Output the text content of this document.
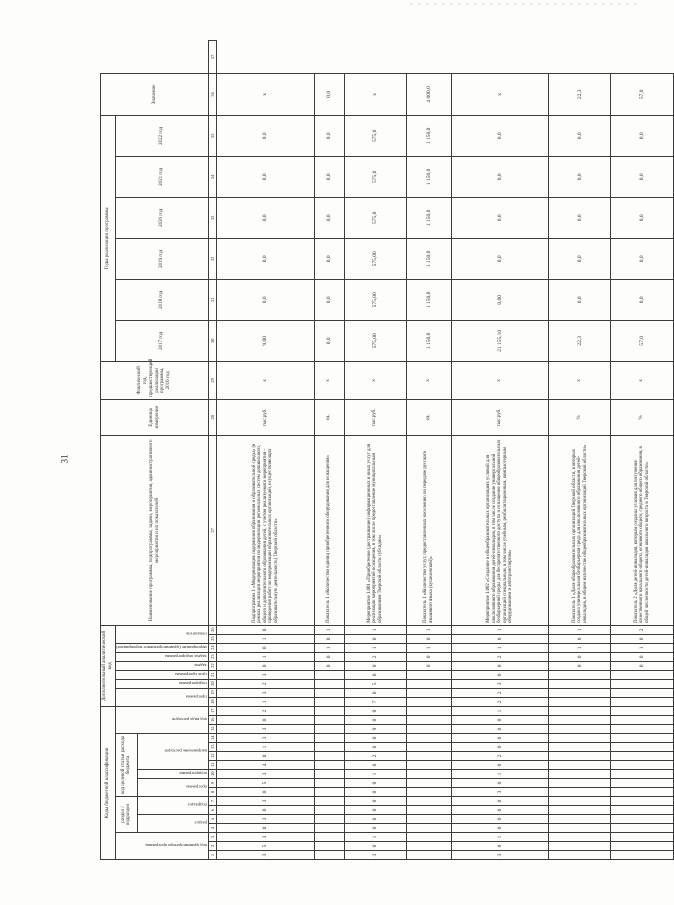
31
Коды бюджетной классификации																	Дополнительный аналитический код									Наименование программы, подпрограммы, задачи, мероприятия, административного мероприятия и их показателей	Единица измерения	Фактический год, предшествующий реализации программы, 2016 год	Годы реализации программы						Значение	
код администратора программы			раздел / подраздел				код целевой статьи расхода бюджета							код вида расходов			программа		подпрограмма	цель программы	задача	задача подпрограммы	мероприятие (административное мероприятие)	показатель					2017 год	2018 год	2019 год	2020 год	2021 год	2022 год		
			раздел		подраздел		программа		подпрограмма	направление расходов																										
1	2	3	4	5	6	7	8	9	10	11	12	13	14	15	16	17	18	19	20	21	22	23	24	25	26	27	28	29	30	31	32	33	34	35	36	37
3	5	3	0	3	0	3	0	5	3	4	0	1	3	3	0	2	1	3	2	3	0	1	0	1	0	Подпрограмма 1 «Модернизация содержания образования и образовательной среды» (в рамках реализации мероприятия по модернизации региональных систем дошкольного, общего и дополнительного образования детей, с учетом реализуемого мероприятия – проведения работ по модернизации образовательных организаций, осуществляющих образовательную деятельность) Тверской области»	тыс.руб.	х	9,00	0,0	0,0	0,0	0,0	0,0	х	
																					0	0	1	0	1	Показатель 1 «Количество единиц приобретенного оборудования для оснащения»	ед.	х	0,0	0,0	0,0	0,0	0,0	0,0	0,0	
3	0	1	0	0	0	0	0	0	1	0	2	0	0	9	0	0	7	0	5	0	0	2	1	0	1	Мероприятие 1.001 «Приобретение (достраивание) информационных и иных услуг для реализации мероприятий оснащения, в том числе предоставление муниципальным образованиям Тверской области субсидии»	тыс.руб.	х	575,00	575,00	575,00	575,0	575,0	575,0	х	
																					0	0	1	0	1	Показатель 1 «Количество услуг, предоставленных населению по передаче русского языкового языка (кушелевской)»	ед.	х	1 150,0	1 150,0	1 150,0	1 150,0	1 150,0	1 150,0	4 000,0	
3	0	1	0	0	0	0	3	0	1	0	2	0	0	0	0	1	2	2	3	0	0	2	1	0	1	Мероприятие 1.002 «Создание в общеобразовательных организациях условий для инклюзивного образования детей-инвалидов, в том числе создание универсальной безбарьерной среды для беспрепятственного доступа и оснащение общеобразовательных организаций специальным, в том числе учебным, реабилитационным, компьютерным оборудованием и автотранспортом»	тыс.руб.	х	21 155,10	0,00	0,0	0,0	0,0	0,0	х	
																					0	0	1	0	1	Показатель 1 «Доля общеобразовательных организаций Тверской области, в которых создана универсальная безбарьерная среда для инклюзивного образования детей-инвалидов, в общем количестве общеобразовательных организаций Тверской области»	%	х	22,3	0,0	0,0	0,0	0,0	0,0	22,3	
																					0	0	1	0	2	Показатель 2 «Доля детей-инвалидов, которым созданы условия для получения качественного начального общего, основного общего, среднего общего образования, в общей численности детей-инвалидов школьного возраста в Тверской области»	%	х	57,0	0,0	0,0	0,0	0,0	0,0	57,0	
